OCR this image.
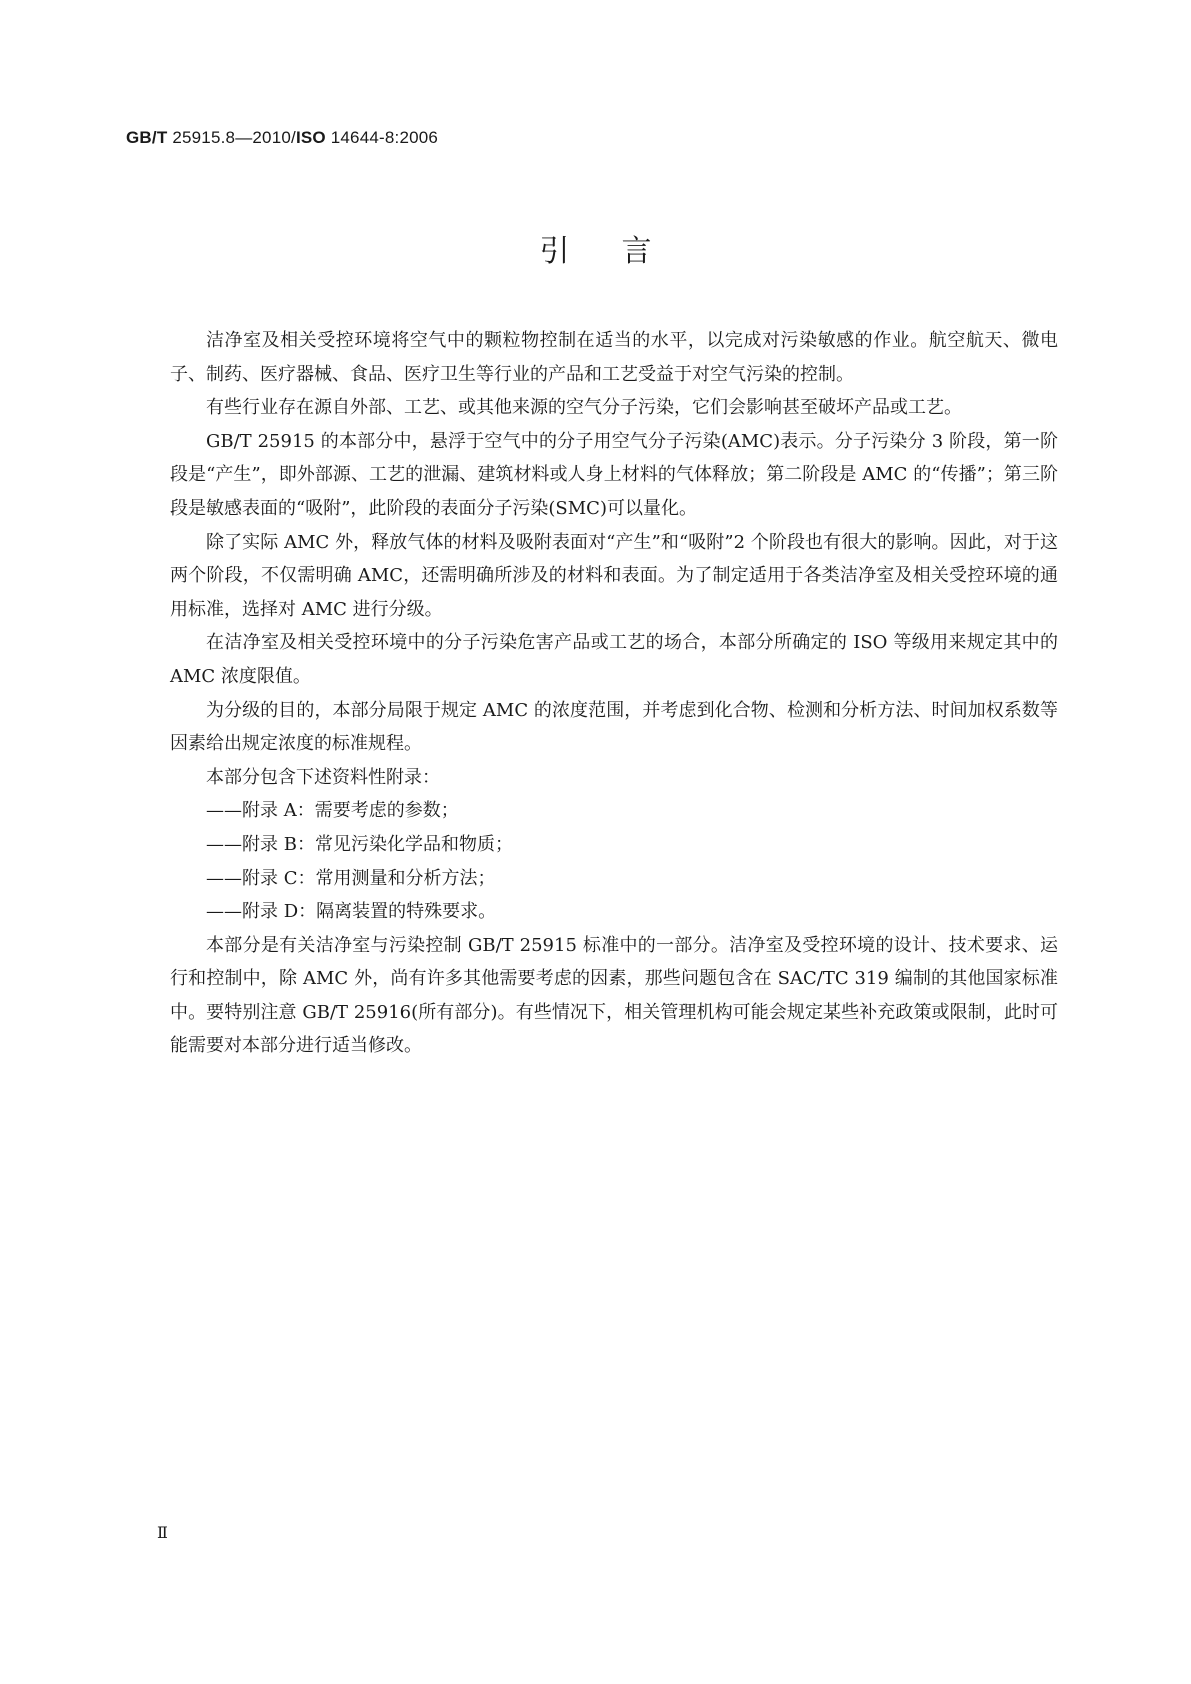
GB/T 25915.8—2010/ISO 14644-8:2006
引言

洁净室及相关受控环境将空气中的颗粒物控制在适当的水平，以完成对污染敏感的作业。航空航天、微电子、制药、医疗器械、食品、医疗卫生等行业的产品和工艺受益于对空气污染的控制。

有些行业存在源自外部、工艺、或其他来源的空气分子污染，它们会影响甚至破坏产品或工艺。

GB/T 25915 的本部分中，悬浮于空气中的分子用空气分子污染(AMC)表示。分子污染分 3 阶段，第一阶段是“产生”，即外部源、工艺的泄漏、建筑材料或人身上材料的气体释放；第二阶段是 AMC 的“传播”；第三阶段是敏感表面的“吸附”，此阶段的表面分子污染(SMC)可以量化。

除了实际 AMC 外，释放气体的材料及吸附表面对“产生”和“吸附”2 个阶段也有很大的影响。因此，对于这两个阶段，不仅需明确 AMC，还需明确所涉及的材料和表面。为了制定适用于各类洁净室及相关受控环境的通用标准，选择对 AMC 进行分级。

在洁净室及相关受控环境中的分子污染危害产品或工艺的场合，本部分所确定的 ISO 等级用来规定其中的 AMC 浓度限值。

为分级的目的，本部分局限于规定 AMC 的浓度范围，并考虑到化合物、检测和分析方法、时间加权系数等因素给出规定浓度的标准规程。

本部分包含下述资料性附录：

——附录 A：需要考虑的参数；

——附录 B：常见污染化学品和物质；

——附录 C：常用测量和分析方法；

——附录 D：隔离装置的特殊要求。

本部分是有关洁净室与污染控制 GB/T 25915 标准中的一部分。洁净室及受控环境的设计、技术要求、运行和控制中，除 AMC 外，尚有许多其他需要考虑的因素，那些问题包含在 SAC/TC 319 编制的其他国家标准中。要特别注意 GB/T 25916(所有部分)。有些情况下，相关管理机构可能会规定某些补充政策或限制，此时可能需要对本部分进行适当修改。

Ⅱ
